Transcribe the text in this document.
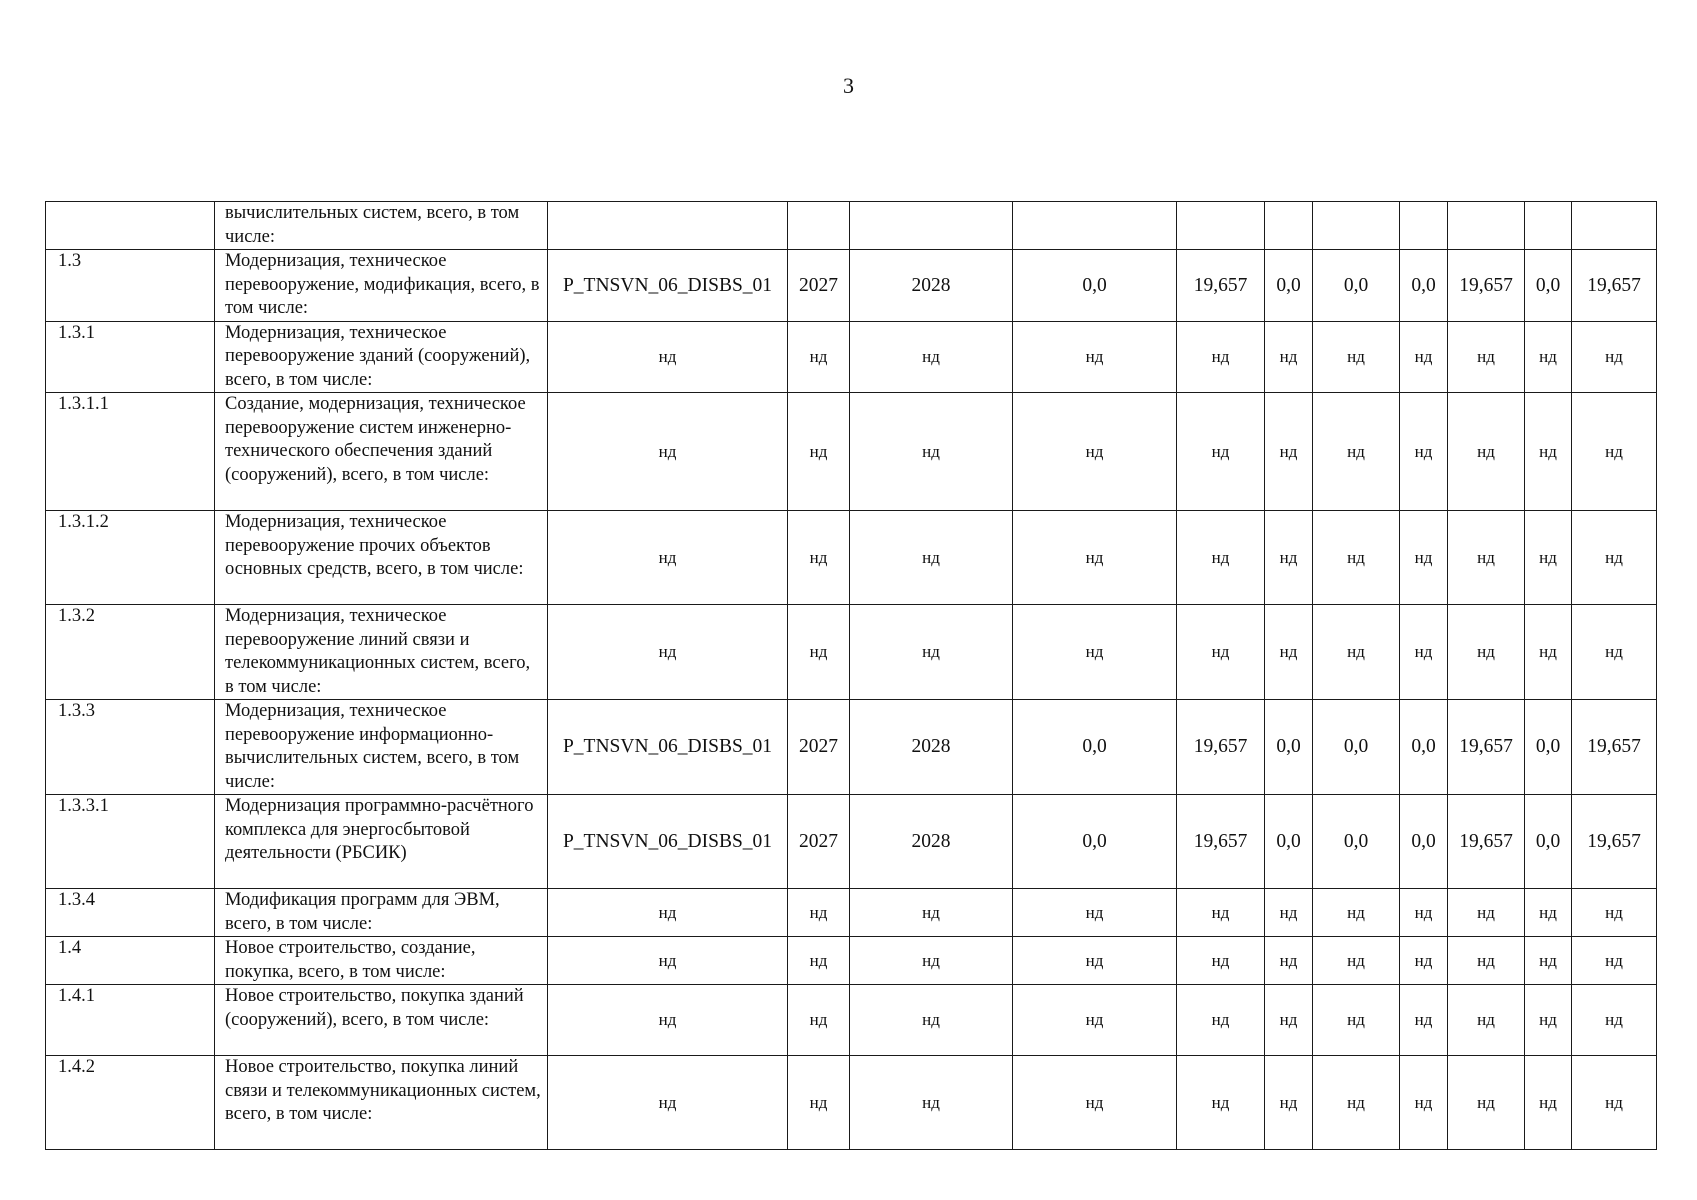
3
	вычислительных систем, всего, в том числе:											
1.3	Модернизация, техническое перевооружение, модификация, всего, в том числе:	P_TNSVN_06_DISBS_01	2027	2028	0,0	19,657	0,0	0,0	0,0	19,657	0,0	19,657
1.3.1	Модернизация, техническое перевооружение зданий (сооружений), всего, в том числе:	нд	нд	нд	нд	нд	нд	нд	нд	нд	нд	нд
1.3.1.1	Создание, модернизация, техническое перевооружение систем инженерно-технического обеспечения зданий (сооружений), всего, в том числе:	нд	нд	нд	нд	нд	нд	нд	нд	нд	нд	нд
1.3.1.2	Модернизация, техническое перевооружение прочих объектов основных средств, всего, в том числе:	нд	нд	нд	нд	нд	нд	нд	нд	нд	нд	нд
1.3.2	Модернизация, техническое перевооружение линий связи и телекоммуникационных систем, всего, в том числе:	нд	нд	нд	нд	нд	нд	нд	нд	нд	нд	нд
1.3.3	Модернизация, техническое перевооружение информационно-вычислительных систем, всего, в том числе:	P_TNSVN_06_DISBS_01	2027	2028	0,0	19,657	0,0	0,0	0,0	19,657	0,0	19,657
1.3.3.1	Модернизация программно-расчётного комплекса для энергосбытовой деятельности (РБСИК)	P_TNSVN_06_DISBS_01	2027	2028	0,0	19,657	0,0	0,0	0,0	19,657	0,0	19,657
1.3.4	Модификация программ для ЭВМ, всего, в том числе:	нд	нд	нд	нд	нд	нд	нд	нд	нд	нд	нд
1.4	Новое строительство, создание, покупка, всего, в том числе:	нд	нд	нд	нд	нд	нд	нд	нд	нд	нд	нд
1.4.1	Новое строительство, покупка зданий (сооружений), всего, в том числе:	нд	нд	нд	нд	нд	нд	нд	нд	нд	нд	нд
1.4.2	Новое строительство, покупка линий связи и телекоммуникационных систем, всего, в том числе:	нд	нд	нд	нд	нд	нд	нд	нд	нд	нд	нд
